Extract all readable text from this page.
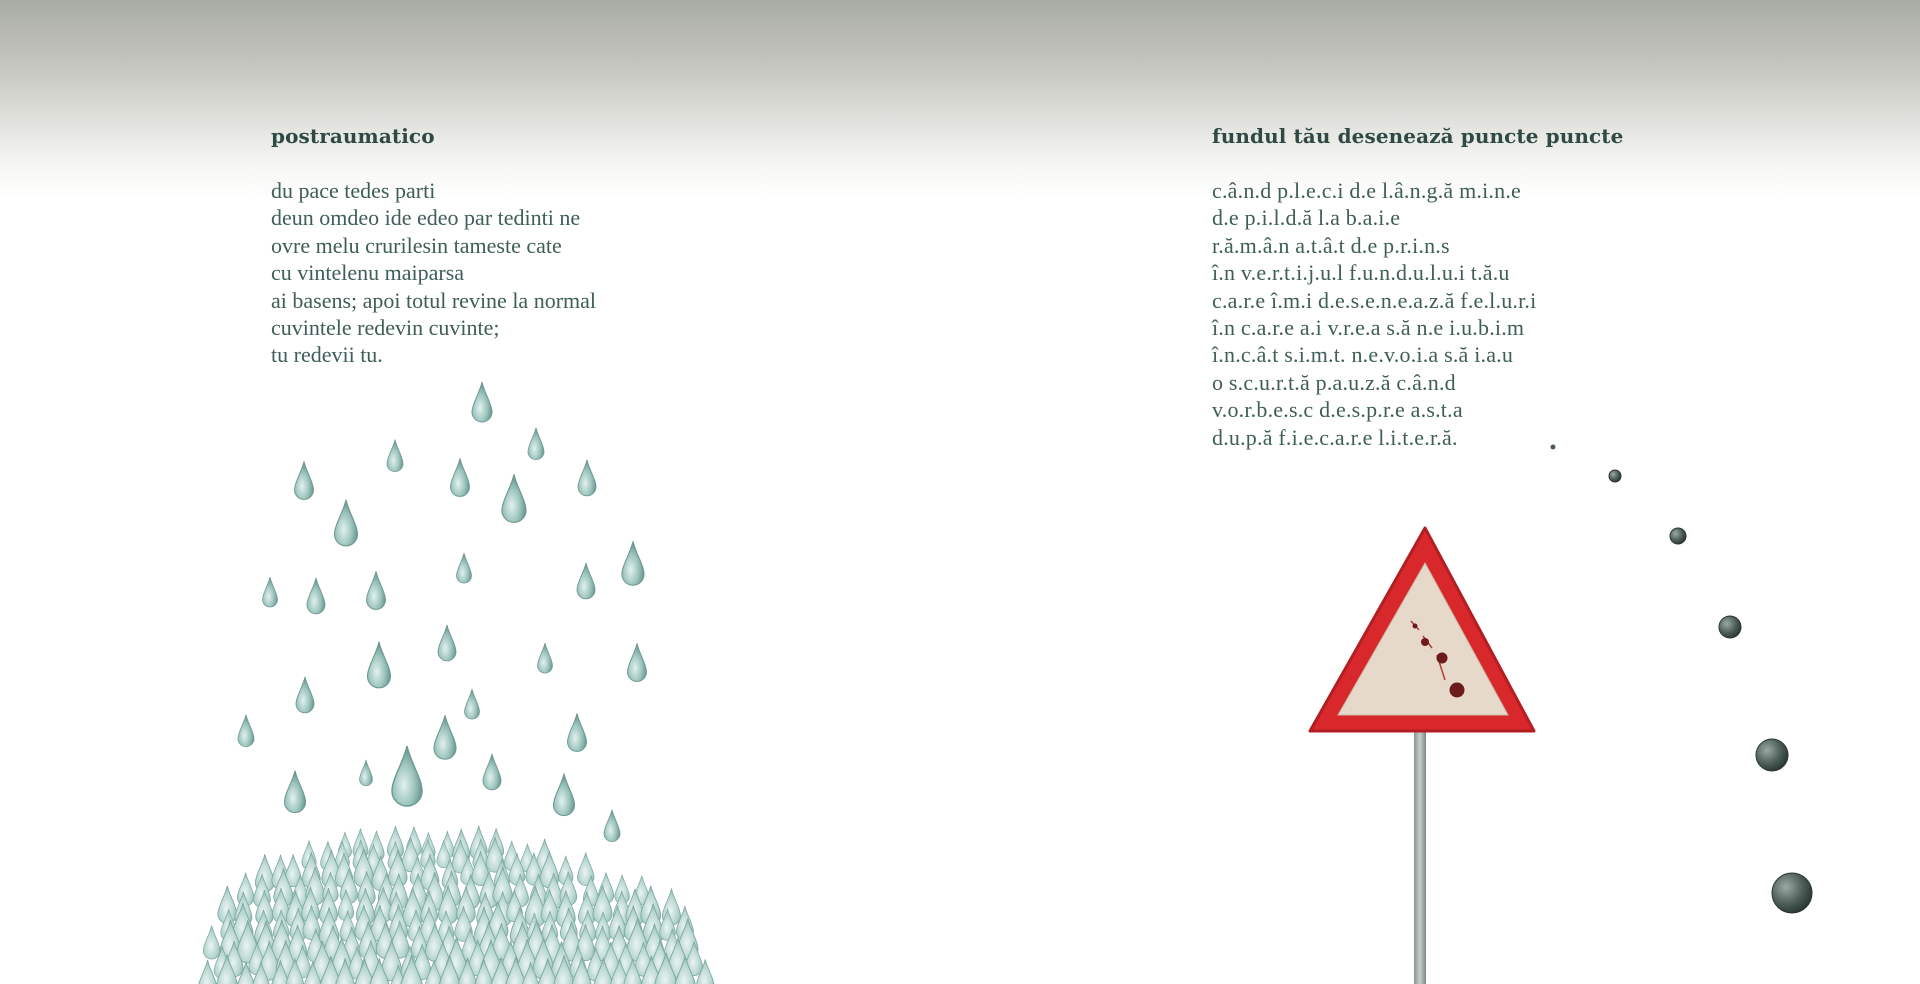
postraumatico
du pace tedes parti
deun omdeo ide edeo par tedinti ne
ovre melu crurilesin tameste cate
cu vintelenu maiparsa
ai basens; apoi totul revine la normal
cuvintele redevin cuvinte;
tu redevii tu.
fundul tău desenează puncte puncte
c.â.n.d p.l.e.c.i d.e l.â.n.g.ă m.i.n.e
d.e p.i.l.d.ă l.a b.a.i.e
r.ă.m.â.n a.t.â.t d.e p.r.i.n.s
î.n v.e.r.t.i.j.u.l f.u.n.d.u.l.u.i t.ă.u
c.a.r.e î.m.i d.e.s.e.n.e.a.z.ă f.e.l.u.r.i
î.n c.a.r.e a.i v.r.e.a s.ă n.e i.u.b.i.m
î.n.c.â.t s.i.m.t. n.e.v.o.i.a s.ă i.a.u
o s.c.u.r.t.ă p.a.u.z.ă c.â.n.d
v.o.r.b.e.s.c d.e.s.p.r.e a.s.t.a
d.u.p.ă f.i.e.c.a.r.e l.i.t.e.r.ă.
